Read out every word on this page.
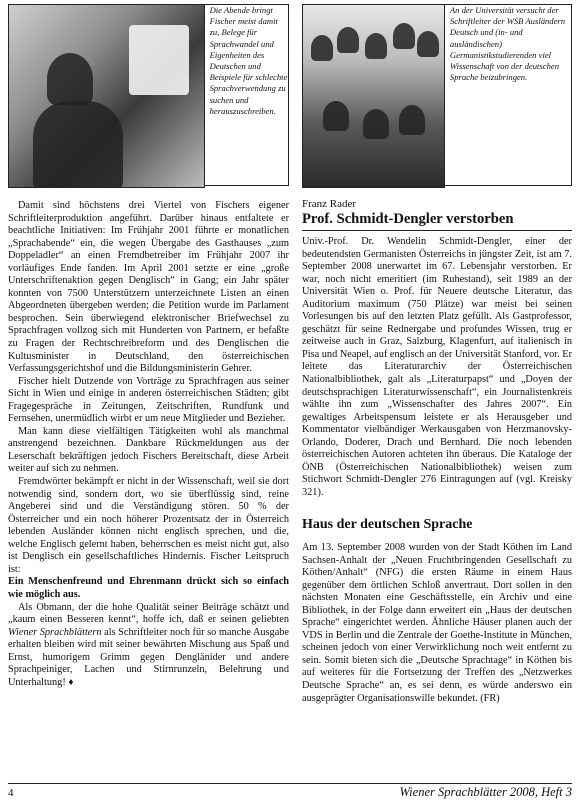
Die Abende bringt Fischer meist damit zu, Belege für Sprachwandel und Eigenheiten des Deutschen und Beispiele für schlechte Sprachverwendung zu suchen und herauszuschreiben.

Damit sind höchstens drei Viertel von Fischers eigener Schriftleiterproduktion angeführt. Darüber hinaus entfaltete er beachtliche Initiativen: Im Frühjahr 2001 führte er monatlichen „Sprachabende“ ein, die wegen Übergabe des Gasthauses „zum Doppeladler“ an einen Fremdbetreiber im Frühjahr 2007 ihr vorläufiges Ende fanden. Im April 2001 setzte er eine „große Unterschriftenaktion gegen Denglisch“ in Gang; ein Jahr später konnten von 7500 Unterstützern unterzeichnete Listen an einen Abgeordneten übergeben werden; die Petition wurde im Parlament besprochen. Sein überwiegend elektronischer Briefwechsel zu Sprachfragen vollzog sich mit Hunderten von Partnern, er befaßte zu Fragen der Rechtschreibreform und des Denglischen die Kultusminister in Deutschland, den österreichischen Verfassungsgerichtshof und die Bildungsministerin Gehrer.

Fischer hielt Dutzende von Vorträge zu Sprachfragen aus seiner Sicht in Wien und einige in anderen österreichischen Städten; gibt Fragegespräche in Zeitungen, Zeitschriften, Rundfunk und Fernsehen, unermüdlich wirbt er um neue Mitglieder und Bezieher.

Man kann diese vielfältigen Tätigkeiten wohl als manchmal anstrengend bezeichnen. Dankbare Rückmeldungen aus der Leserschaft bekräftigen jedoch Fischers Bereitschaft, diese Arbeit weiter auf sich zu nehmen.

Fremdwörter bekämpft er nicht in der Wissenschaft, weil sie dort notwendig sind, sondern dort, wo sie überflüssig sind, reine Angeberei sind und die Verständigung stören. 50 % der Österreicher und ein noch höherer Prozentsatz der in Österreich lebenden Ausländer können nicht englisch sprechen, und die, welche Englisch gelernt haben, beherrschen es meist nicht gut, also ist Denglisch ein gesellschaftliches Hindernis. Fischer Leitspruch ist:

Ein Menschenfreund und Ehrenmann drückt sich so einfach wie möglich aus.

Als Obmann, der die hohe Qualität seiner Beiträge schätzt und „kaum einen Besseren kennt“, hoffe ich, daß er seinen geliebten Wiener Sprachblättern als Schriftleiter noch für so manche Ausgabe erhalten bleiben wird mit seiner bewährten Mischung aus Spaß und Ernst, humorigem Grimm gegen Denglänider und andere Sprachpeiniger, Lachen und Stirnrunzeln, Belehrung und Unterhaltung! ♦

An der Universität versucht der Schriftleiter der WSB Ausländern Deutsch und (in- und ausländischen) Germanistikstudierenden viel Wissenschaft von der deutschen Sprache beizubringen.
Franz Rader
Prof. Schmidt-Dengler verstorben

Univ.-Prof. Dr. Wendelin Schmidt-Dengler, einer der bedeutendsten Germanisten Österreichs in jüngster Zeit, ist am 7. September 2008 unerwartet im 67. Lebensjahr verstorben. Er war, noch nicht emeritiert (im Ruhestand), seit 1989 an der Universität Wien o. Prof. für Neuere deutsche Literatur, das Auditorium maximum (750 Plätze) war meist bei seinen Vorlesungen bis auf den letzten Platz gefüllt. Als Gastprofessor, geschätzt für seine Rednergabe und profundes Wissen, trug er zeitweise auch in Graz, Salzburg, Klagenfurt, auf italienisch in Pisa und Neapel, auf englisch an der Universität Stanford, vor. Er leitete das Literaturarchiv der Österreichischen Nationalbibliothek, galt als „Literaturpapst“ und „Doyen der deutschsprachigen Literaturwissenschaft“, ein Journalistenkreis wählte ihn zum „Wissenschafter des Jahres 2007“. Ein gewaltiges Arbeitspensum leistete er als Herausgeber und Kommentator vielbändiger Werkausgaben von Herzmanovsky-Orlando, Doderer, Drach und Bernhard. Die noch lebenden österreichischen Autoren achteten ihn überaus. Die Kataloge der ÖNB (Österreichischen Nationalbibliothek) weisen zum Stichwort Schmidt-Dengler 276 Eintragungen auf (vgl. Kreisky 321).

Haus der deutschen Sprache

Am 13. September 2008 wurden von der Stadt Köthen im Land Sachsen-Anhalt der „Neuen Fruchtbringenden Gesellschaft zu Köthen/Anhalt“ (NFG) die ersten Räume in einem Haus gegenüber dem örtlichen Schloß anvertraut. Dort sollen in den nächsten Monaten eine Geschäftsstelle, ein Archiv und eine Bibliothek, in der Folge dann erweitert ein „Haus der deutschen Sprache“ eingerichtet werden. Ähnliche Häuser planen auch der VDS in Berlin und die Zentrale der Goethe-Institute in München, scheinen jedoch von einer Verwirklichung noch weit entfernt zu sein. Somit bieten sich die „Deutsche Sprachtage“ in Köthen bis auf weiteres für die Fortsetzung der Treffen des „Netzwerkes Deutsche Sprache“ an, es sei denn, es würde anderswo ein ausgeprägter Organisationswille bekundet. (FR)

4	Wiener Sprachblätter 2008, Heft 3
